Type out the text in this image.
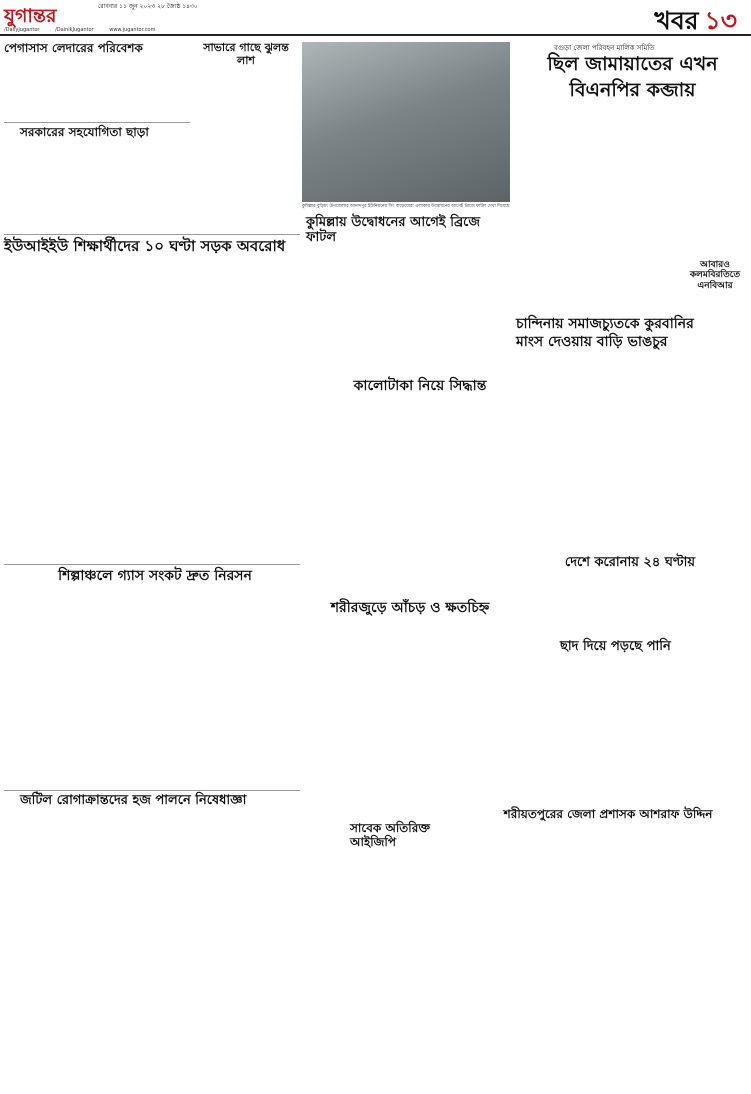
যুগান্তর	রোববার ১১ জুন ২০২৩ ২৮ জ্যৈষ্ঠ ১৪৩০
/DailyJugantor	/DainikJugantor	www.jugantor.com	খবর ১৩
পেগাসাস লেদারের পরিবেশক
সরকারের সহযোগিতা ছাড়া
সাভারে গাছে ঝুলন্ত লাশ
কুমিল্লার বুড়িচং উপজেলার আনন্দপুর ইউনিয়নের সিং বাড়েয়োরা এলাকায় উদ্বোধনের আগেই ব্রিজে ফাটল দেখা দিয়েছে
কুমিল্লায় উদ্বোধনের আগেই ব্রিজে ফাটল
বগুড়া জেলা পরিবহন মালিক সমিতি
ছিল জামায়াতের এখন
বিএনপির কব্জায়
ইউআইইউ শিক্ষার্থীদের ১০ ঘণ্টা সড়ক অবরোধ
চান্দিনায় সমাজচ্যুতকে কুরবানির
মাংস দেওয়ায় বাড়ি ভাঙচুর
আবারও কলমবিরতিতে এনবিআর
কালোটাকা নিয়ে সিদ্ধান্ত
দেশে করোনায় ২৪ ঘণ্টায়
শিল্পাঞ্চলে গ্যাস সংকট দ্রুত নিরসন
শরীরজুড়ে আঁচড় ও ক্ষতচিহ্ন
ছাদ দিয়ে পড়ছে পানি
জটিল রোগাক্রান্তদের হজ পালনে নিষেধাজ্ঞা
শরীয়তপুরের জেলা প্রশাসক আশরাফ উদ্দিন
সাবেক অতিরিক্ত আইজিপি
